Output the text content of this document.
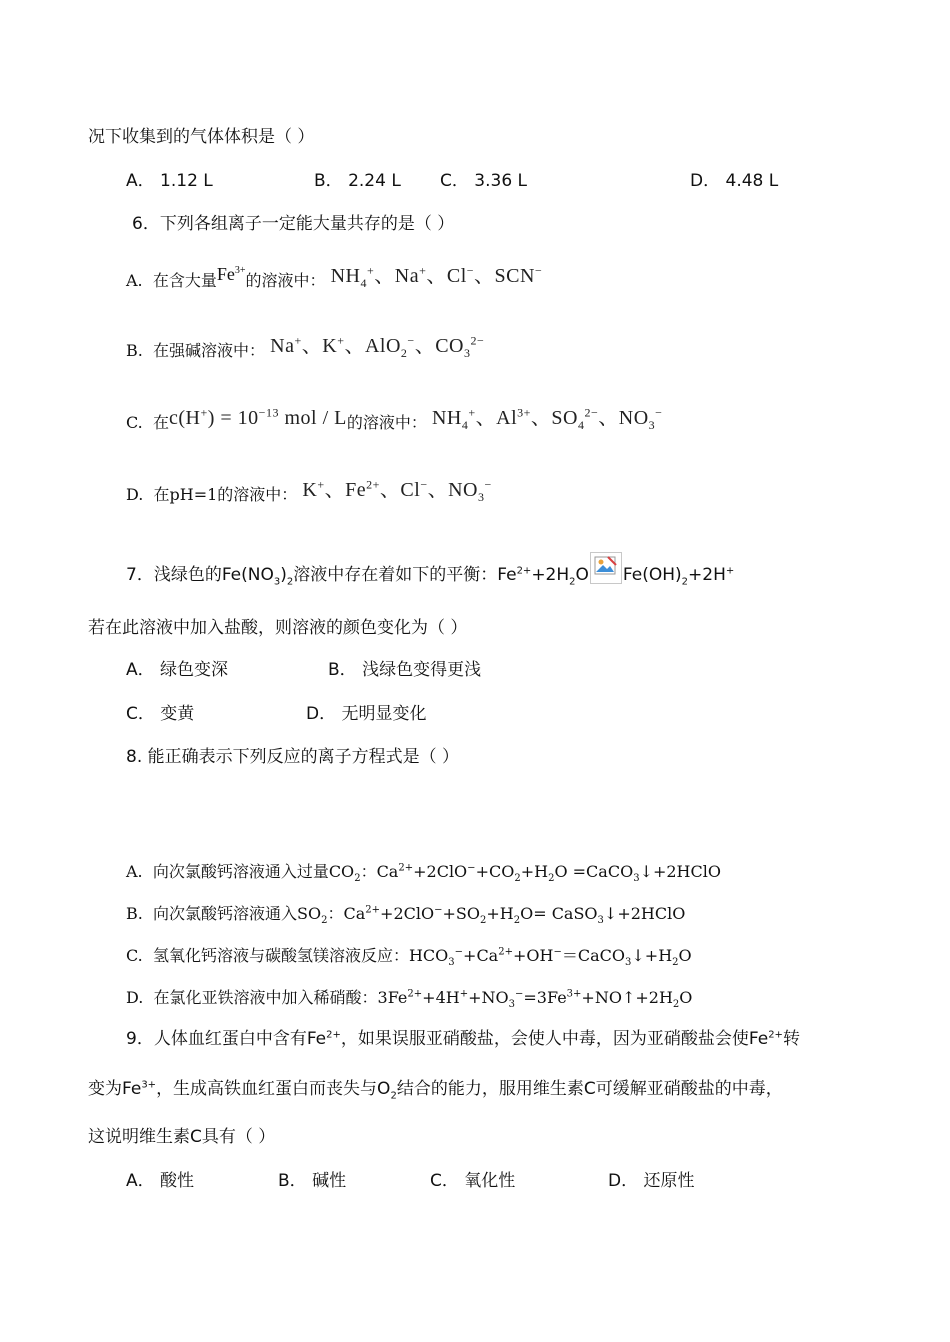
况下收集到的气体体积是（ ）
A． 1.12 L	B． 2.24 L C． 3.36 L	D． 4.48 L
6．下列各组离子一定能大量共存的是（ ）
A. 在含大量$Fe^{3+}$的溶液中： $NH_4^+$、Na+、Cl−、SCN−
B. 在强碱溶液中： Na+、K+、AlO$_2$−、$CO_3^{2-}$
C. 在$c(H^+) = 10^{-13}$ mol / L的溶液中： $NH_4^+$、$Al^{3+}$、$SO_4^{2-}$、$NO_3^-$
D. 在pH=1的溶液中： K+、$Fe^{2+}$、Cl−、$NO_3^-$
7．浅绿色的$Fe(NO_3)_2$溶液中存在着如下的平衡：$Fe^{2+}+2H_2O$ $Fe(OH)_2+2H^+$
若在此溶液中加入盐酸，则溶液的颜色变化为（ ）
A． 绿色变深	B． 浅绿色变得更浅
C． 变黄	D． 无明显变化
8. 能正确表示下列反应的离子方程式是（ ）
A. 向次氯酸钙溶液通入过量$CO_2$：$Ca^{2+}+2ClO^-+CO_2+H_2O$ =CaCO$_3$↓+2HClO
B. 向次氯酸钙溶液通入$SO_2$：$Ca^{2+}+2ClO^-+SO_2+H_2O=$ CaSO$_3$↓+2HClO
C. 氢氧化钙溶液与碳酸氢镁溶液反应：$HCO_3^-+Ca^{2+}+OH^-=CaCO_3↓+H_2O$
D. 在氯化亚铁溶液中加入稀硝酸：$3Fe^{2+}+4H^++NO_3^-=3Fe^{3+}+NO↑+2H_2O$
9．人体血红蛋白中含有$Fe^{2+}$，如果误服亚硝酸盐，会使人中毒，因为亚硝酸盐会使$Fe^{2+}$转
变为$Fe^{3+}$，生成高铁血红蛋白而丧失与$O_2$结合的能力，服用维生素C可缓解亚硝酸盐的中毒，
这说明维生素C具有（ ）
A． 酸性	B． 碱性	C． 氧化性	D． 还原性
